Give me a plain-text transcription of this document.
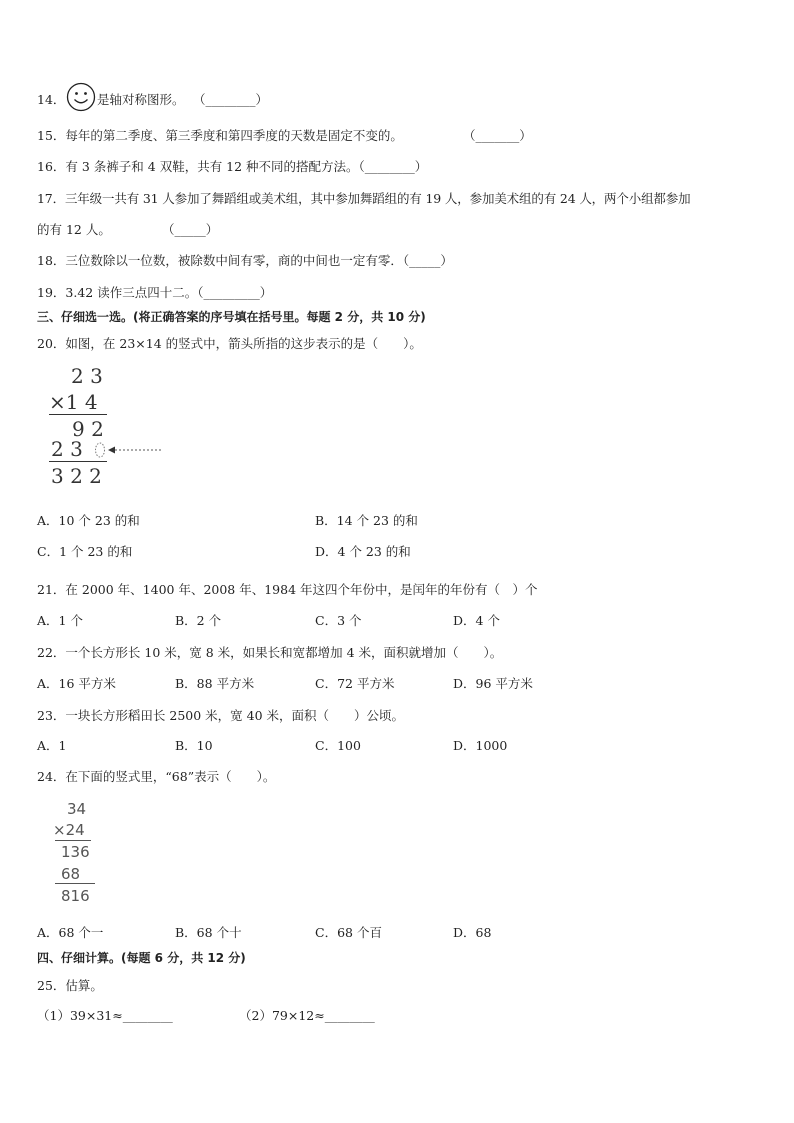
14．	是轴对称图形。 （________）
15．每年的第二季度、第三季度和第四季度的天数是固定不变的。	（_______）
16．有 3 条裤子和 4 双鞋，共有 12 种不同的搭配方法。（________）
17．三年级一共有 31 人参加了舞蹈组或美术组，其中参加舞蹈组的有 19 人，参加美术组的有 24 人，两个小组都参加
的有 12 人。	（_____）
18．三位数除以一位数，被除数中间有零，商的中间也一定有零．（_____）
19．3.42 读作三点四十二。（_________）
三、仔细选一选。(将正确答案的序号填在括号里。每题 2 分，共 10 分)
20．如图，在 23×14 的竖式中，箭头所指的这步表示的是（　　）。
2 3
×1 4
9 2
2 3
3 2 2
A．10 个 23 的和	B．14 个 23 的和
C．1 个 23 的和	D．4 个 23 的和
21．在 2000 年、1400 年、2008 年、1984 年这四个年份中，是闰年的年份有（　）个
A．1 个	B．2 个	C．3 个	D．4 个
22．一个长方形长 10 米，宽 8 米，如果长和宽都增加 4 米，面积就增加（　　）。
A．16 平方米	B．88 平方米	C．72 平方米	D．96 平方米
23．一块长方形稻田长 2500 米，宽 40 米，面积（　　）公顷。
A．1	B．10	C．100	D．1000
24．在下面的竖式里，“68”表示（　　）。
34
×24
136
68
816
A．68 个一	B．68 个十	C．68 个百	D．68
四、仔细计算。(每题 6 分，共 12 分)
25．估算。
（1）39×31≈________	（2）79×12≈________
